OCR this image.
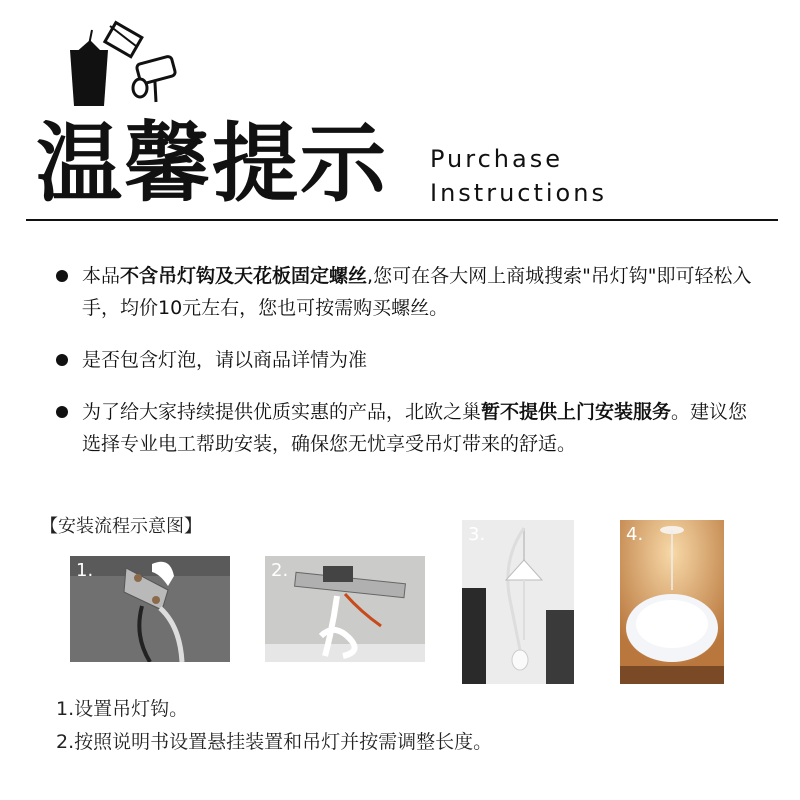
温馨提示 Purchase
Instructions
本品不含吊灯钩及天花板固定螺丝,您可在各大网上商城搜索"吊灯钩"即可轻松入手，均价10元左右，您也可按需购买螺丝。
是否包含灯泡，请以商品详情为准
为了给大家持续提供优质实惠的产品，北欧之巢暂不提供上门安装服务。建议您选择专业电工帮助安装，确保您无忧享受吊灯带来的舒适。
【安装流程示意图】
1.	2.
3.	4.
1.设置吊灯钩。
2.按照说明书设置悬挂装置和吊灯并按需调整长度。
